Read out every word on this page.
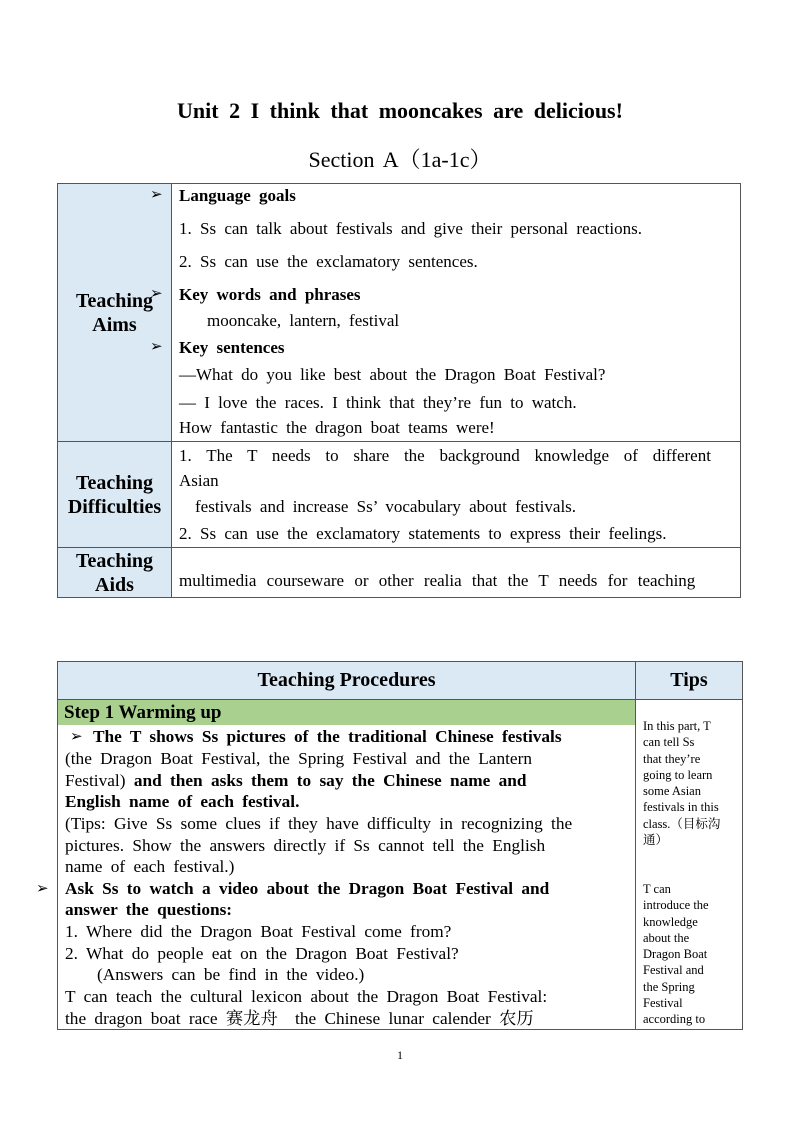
Unit 2 I think that mooncakes are delicious!
Section A（1a-1c）
Teaching
Aims
➢ Language goals
1. Ss can talk about festivals and give their personal reactions.
2. Ss can use the exclamatory sentences.
➢ Key words and phrases
mooncake, lantern, festival
➢ Key sentences
—What do you like best about the Dragon Boat Festival?
— I love the races. I think that they’re fun to watch.
How fantastic the dragon boat teams were!
Teaching
Difficulties
1. The T needs to share the background knowledge of different
Asian
festivals and increase Ss’ vocabulary about festivals.
2. Ss can use the exclamatory statements to express their feelings.
Teaching
Aids	multimedia courseware or other realia that the T needs for teaching
Teaching Procedures	Tips
Step 1 Warming up
➢ The T shows Ss pictures of the traditional Chinese festivals
(the Dragon Boat Festival, the Spring Festival and the Lantern
Festival) and then asks them to say the Chinese name and
English name of each festival.
(Tips: Give Ss some clues if they have difficulty in recognizing the
pictures. Show the answers directly if Ss cannot tell the English
name of each festival.)
➢ Ask Ss to watch a video about the Dragon Boat Festival and
answer the questions:
1. Where did the Dragon Boat Festival come from?
2. What do people eat on the Dragon Boat Festival?
(Answers can be find in the video.)
T can teach the cultural lexicon about the Dragon Boat Festival:
the dragon boat race 赛龙舟　the Chinese lunar calender 农历
In this part, T
can tell Ss
that they’re
going to learn
some Asian
festivals in this
class.（目标沟
通）
T can
introduce the
knowledge
about the
Dragon Boat
Festival and
the Spring
Festival
according to
1
